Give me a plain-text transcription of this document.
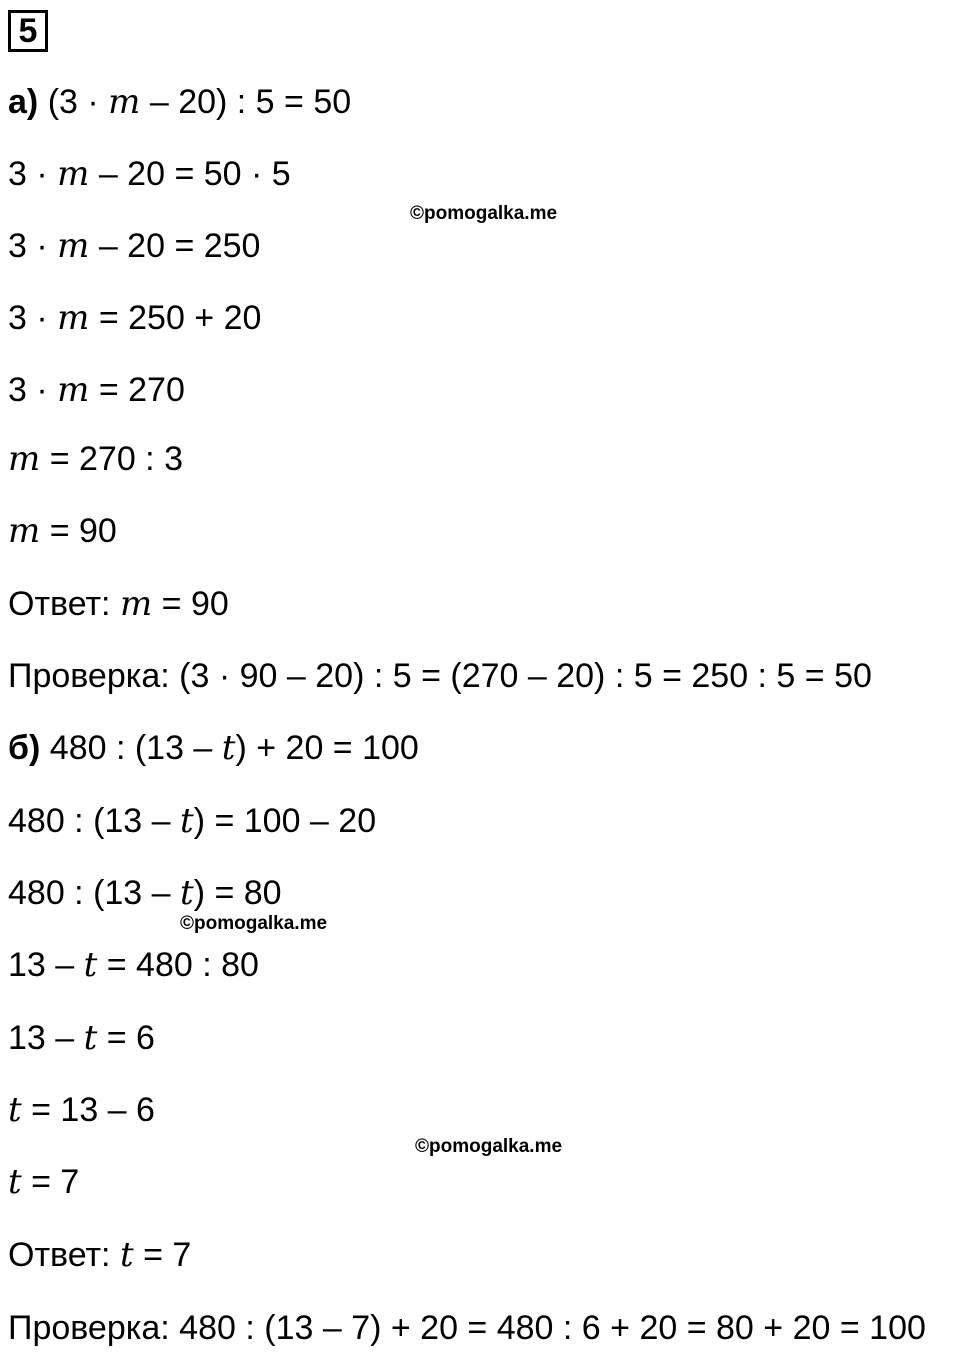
5
а) (3 · m – 20) : 5 = 50
3 · m – 20 = 50 · 5
©pomogalka.me
3 · m – 20 = 250
3 · m = 250 + 20
3 · m = 270
m = 270 : 3
m = 90
Ответ: m = 90
Проверка: (3 · 90 – 20) : 5 = (270 – 20) : 5 = 250 : 5 = 50
б) 480 : (13 – t) + 20 = 100
480 : (13 – t) = 100 – 20
480 : (13 – t) = 80
©pomogalka.me
13 – t = 480 : 80
13 – t = 6
t = 13 – 6
©pomogalka.me
t = 7
Ответ: t = 7
Проверка: 480 : (13 – 7) + 20 = 480 : 6 + 20 = 80 + 20 = 100
